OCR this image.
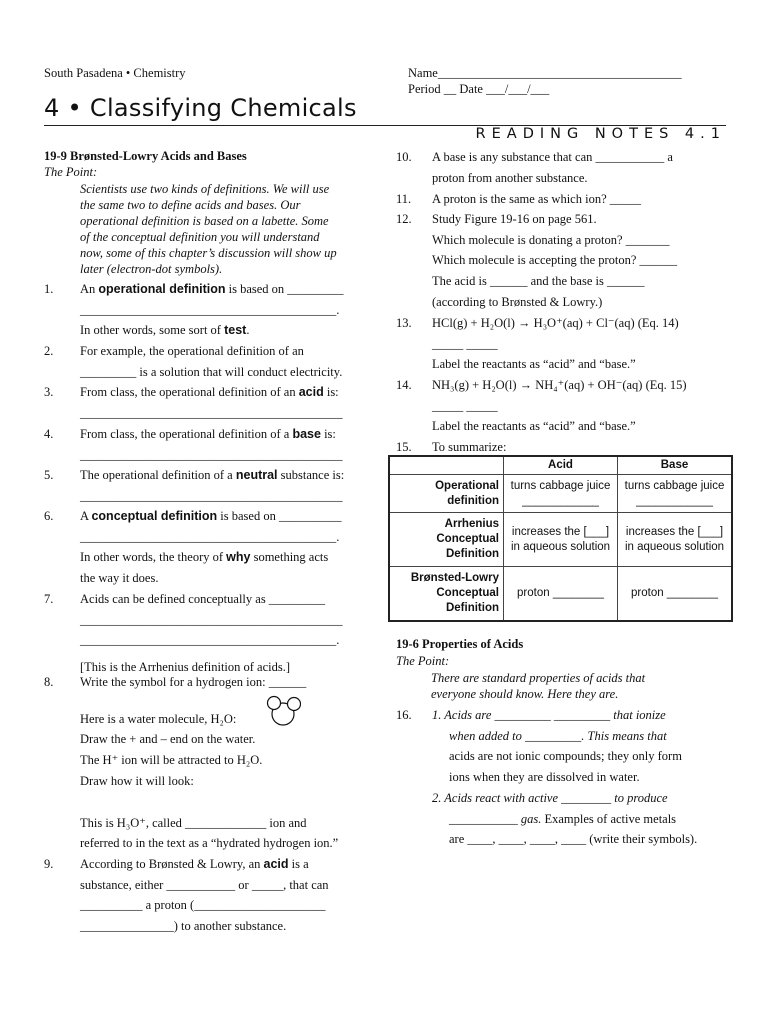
South Pasadena • Chemistry	Name_______________________________________
Period __ Date ___/___/___
4 • Classifying Chemicals
READING NOTES 4.1
19-9 Brønsted-Lowry Acids and Bases
The Point:
Scientists use two kinds of definitions. We will use
the same two to define acids and bases. Our
operational definition is based on a labette. Some
of the conceptual definition you will understand
now, some of this chapter’s discussion will show up
later (electron-dot symbols).
1.	An operational definition is based on _________
_________________________________________.
In other words, some sort of test.
2.	For example, the operational definition of an
_________ is a solution that will conduct electricity.
3.	From class, the operational definition of an acid is:
__________________________________________
4.	From class, the operational definition of a base is:
__________________________________________
5.	The operational definition of a neutral substance is:
__________________________________________
6.	A conceptual definition is based on __________
_________________________________________.
In other words, the theory of why something acts
the way it does.
7.	Acids can be defined conceptually as _________
__________________________________________
_________________________________________.
[This is the Arrhenius definition of acids.]
8.	Write the symbol for a hydrogen ion: ______
Here is a water molecule, H₂O:
Draw the + and – end on the water.
The H⁺ ion will be attracted to H₂O.
Draw how it will look:
This is H₃O⁺, called _____________ ion and
referred to in the text as a “hydrated hydrogen ion.”
9.	According to Brønsted & Lowry, an acid is a
substance, either ___________ or _____, that can
__________ a proton (_____________________
_______________) to another substance.
10.	A base is any substance that can ___________ a
proton from another substance.
11.	A proton is the same as which ion? _____
12.	Study Figure 19-16 on page 561.
Which molecule is donating a proton? _______
Which molecule is accepting the proton? ______
The acid is ______ and the base is ______
(according to Brønsted & Lowry.)
13.	HCl(g) + H₂O(l) → H₃O⁺(aq) + Cl⁻(aq) (Eq. 14)
_____ _____
Label the reactants as “acid” and “base.”
14.	NH₃(g) + H₂O(l) → NH₄⁺(aq) + OH⁻(aq) (Eq. 15)
_____ _____
Label the reactants as “acid” and “base.”
15.	To summarize:
	Acid	Base
Operational definition	turns cabbage juice ____________	turns cabbage juice ____________
Arrhenius Conceptual Definition	increases the [___] in aqueous solution	increases the [___] in aqueous solution
Brønsted-Lowry Conceptual Definition	proton ________	proton ________
19-6 Properties of Acids
The Point:
There are standard properties of acids that
everyone should know. Here they are.
16.	1. Acids are _________ _________ that ionize
when added to _________. This means that
acids are not ionic compounds; they only form
ions when they are dissolved in water.
2. Acids react with active ________ to produce
___________ gas. Examples of active metals
are ____, ____, ____, ____ (write their symbols).
